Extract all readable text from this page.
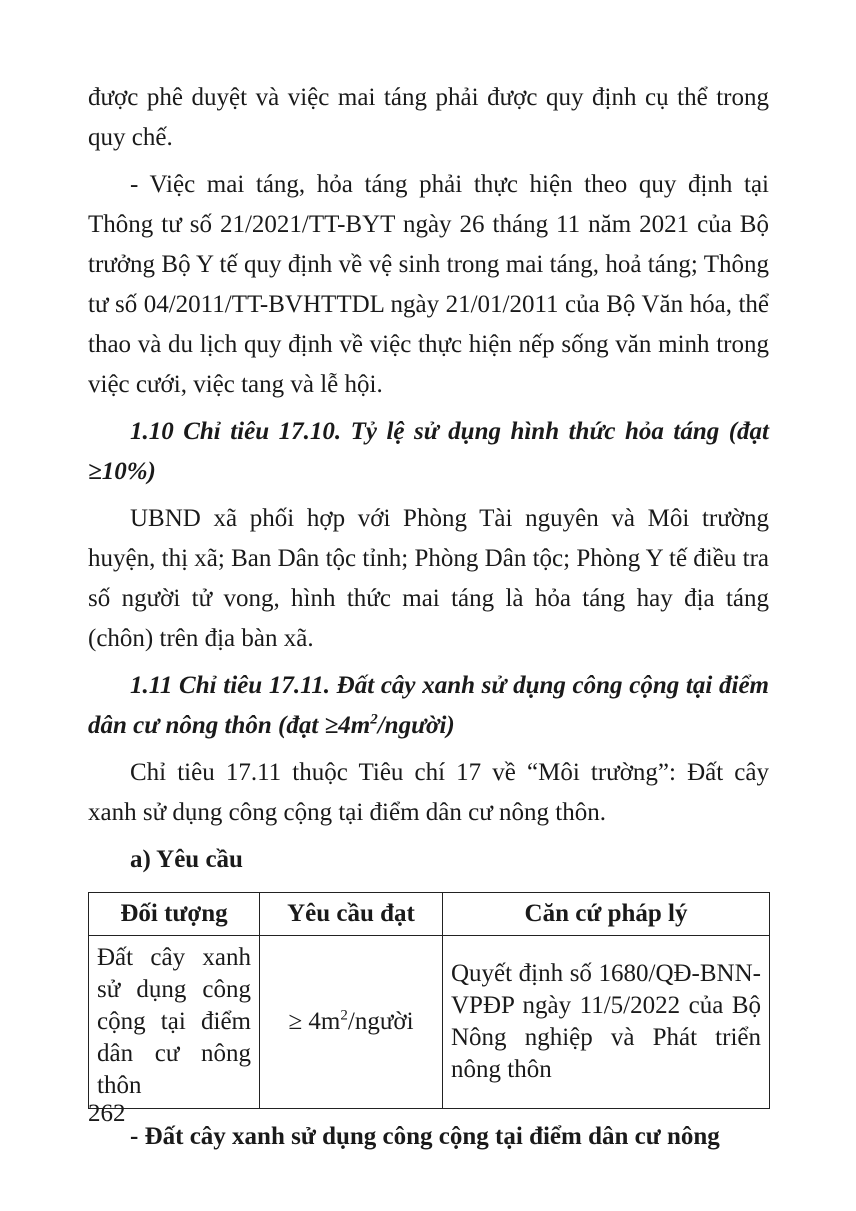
được phê duyệt và việc mai táng phải được quy định cụ thể trong quy chế.

- Việc mai táng, hỏa táng phải thực hiện theo quy định tại Thông tư số 21/2021/TT-BYT ngày 26 tháng 11 năm 2021 của Bộ trưởng Bộ Y tế quy định về vệ sinh trong mai táng, hoả táng; Thông tư số 04/2011/TT-BVHTTDL ngày 21/01/2011 của Bộ Văn hóa, thể thao và du lịch quy định về việc thực hiện nếp sống văn minh trong việc cưới, việc tang và lễ hội.

1.10 Chỉ tiêu 17.10. Tỷ lệ sử dụng hình thức hỏa táng (đạt ≥10%)

UBND xã phối hợp với Phòng Tài nguyên và Môi trường huyện, thị xã; Ban Dân tộc tỉnh; Phòng Dân tộc; Phòng Y tế điều tra số người tử vong, hình thức mai táng là hỏa táng hay địa táng (chôn) trên địa bàn xã.

1.11 Chỉ tiêu 17.11. Đất cây xanh sử dụng công cộng tại điểm dân cư nông thôn (đạt $\ge 4m^2/người$)

Chỉ tiêu 17.11 thuộc Tiêu chí 17 về “Môi trường”: Đất cây xanh sử dụng công cộng tại điểm dân cư nông thôn.

a) Yêu cầu

Đối tượng	Yêu cầu đạt	Căn cứ pháp lý
Đất cây xanh sử dụng công cộng tại điểm dân cư nông thôn	≥ $4m^2$/người	Quyết định số 1680/QĐ-BNN-VPĐP ngày 11/5/2022 của Bộ Nông nghiệp và Phát triển nông thôn

- Đất cây xanh sử dụng công cộng tại điểm dân cư nông

262
